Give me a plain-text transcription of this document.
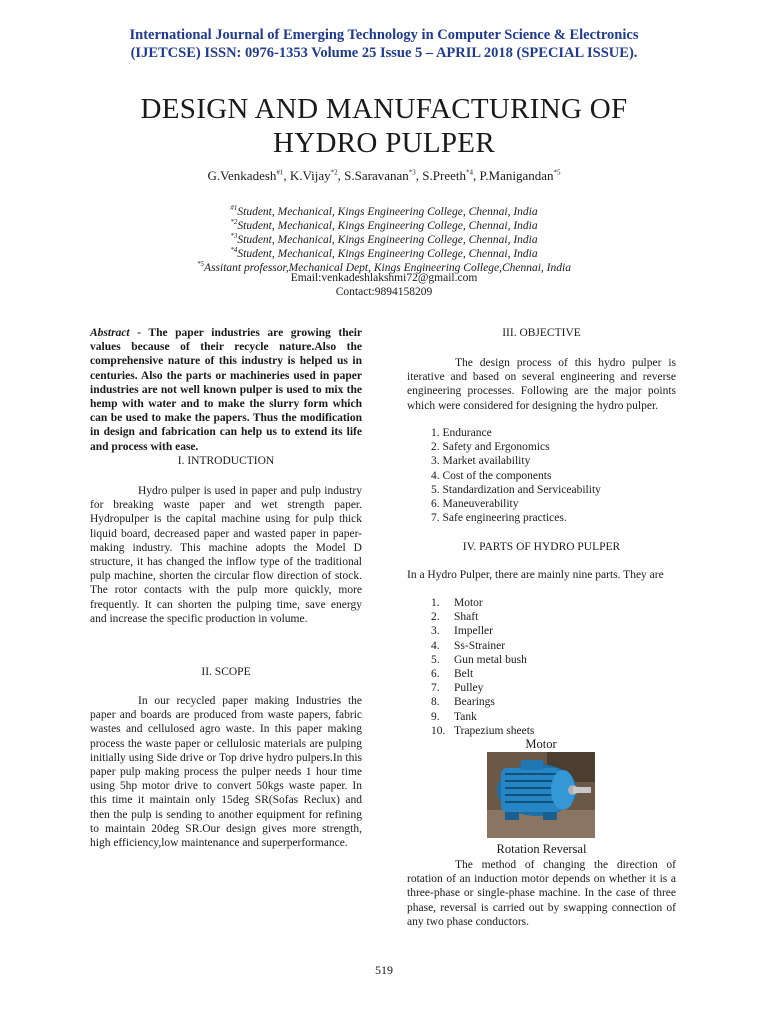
International Journal of Emerging Technology in Computer Science & Electronics
(IJETCSE) ISSN: 0976-1353 Volume 25 Issue 5 – APRIL 2018 (SPECIAL ISSUE).
DESIGN AND MANUFACTURING OF
HYDRO PULPER
G.Venkadesh$^{\#1}$, K.Vijay$^{*2}$, S.Saravanan$^{*3}$, S.Preeth$^{*4}$, P.Manigandan$^{*5}$
$^{\#1}$Student, Mechanical, Kings Engineering College, Chennai, India
$^{*2}$Student, Mechanical, Kings Engineering College, Chennai, India
$^{*3}$Student, Mechanical, Kings Engineering College, Chennai, India
$^{*4}$Student, Mechanical, Kings Engineering College, Chennai, India
$^{*5}$Assitant professor,Mechanical Dept, Kings Engineering College,Chennai, India
Email:venkadeshlakshmi72@gmail.com
Contact:9894158209
Abstract - The paper industries are growing their values because of their recycle nature.Also the comprehensive nature of this industry is helped us in centuries. Also the parts or machineries used in paper industries are not well known pulper is used to mix the hemp with water and to make the slurry form which can be used to make the papers. Thus the modification in design and fabrication can help us to extend its life and process with ease.
I. INTRODUCTION
Hydro pulper is used in paper and pulp industry for breaking waste paper and wet strength paper. Hydropulper is the capital machine using for pulp thick liquid board, decreased paper and wasted paper in paper-making industry. This machine adopts the Model D structure, it has changed the inflow type of the traditional pulp machine, shorten the circular flow direction of stock. The rotor contacts with the pulp more quickly, more frequently. It can shorten the pulping time, save energy and increase the specific production in volume.
II. SCOPE
In our recycled paper making Industries the paper and boards are produced from waste papers, fabric wastes and cellulosed agro waste. In this paper making process the waste paper or cellulosic materials are pulping initially using Side drive or Top drive hydro pulpers.In this paper pulp making process the pulper needs 1 hour time using 5hp motor drive to convert 50kgs waste paper. In this time it maintain only 15deg SR(Sofas Reclux) and then the pulp is sending to another equipment for refining to maintain 20deg SR.Our design gives more strength, high efficiency,low maintenance and superperformance.
III. OBJECTIVE
The design process of this hydro pulper is iterative and based on several engineering and reverse engineering processes. Following are the major points which were considered for designing the hydro pulper.
1. Endurance
2. Safety and Ergonomics
3. Market availability
4. Cost of the components
5. Standardization and Serviceability
6. Maneuverability
7. Safe engineering practices.
IV. PARTS OF HYDRO PULPER
In a Hydro Pulper, there are mainly nine parts. They are
1. Motor
2. Shaft
3. Impeller
4. Ss-Strainer
5. Gun metal bush
6. Belt
7. Pulley
8. Bearings
9. Tank
10. Trapezium sheets
Motor
Rotation Reversal
The method of changing the direction of rotation of an induction motor depends on whether it is a three-phase or single-phase machine. In the case of three phase, reversal is carried out by swapping connection of any two phase conductors.
519
